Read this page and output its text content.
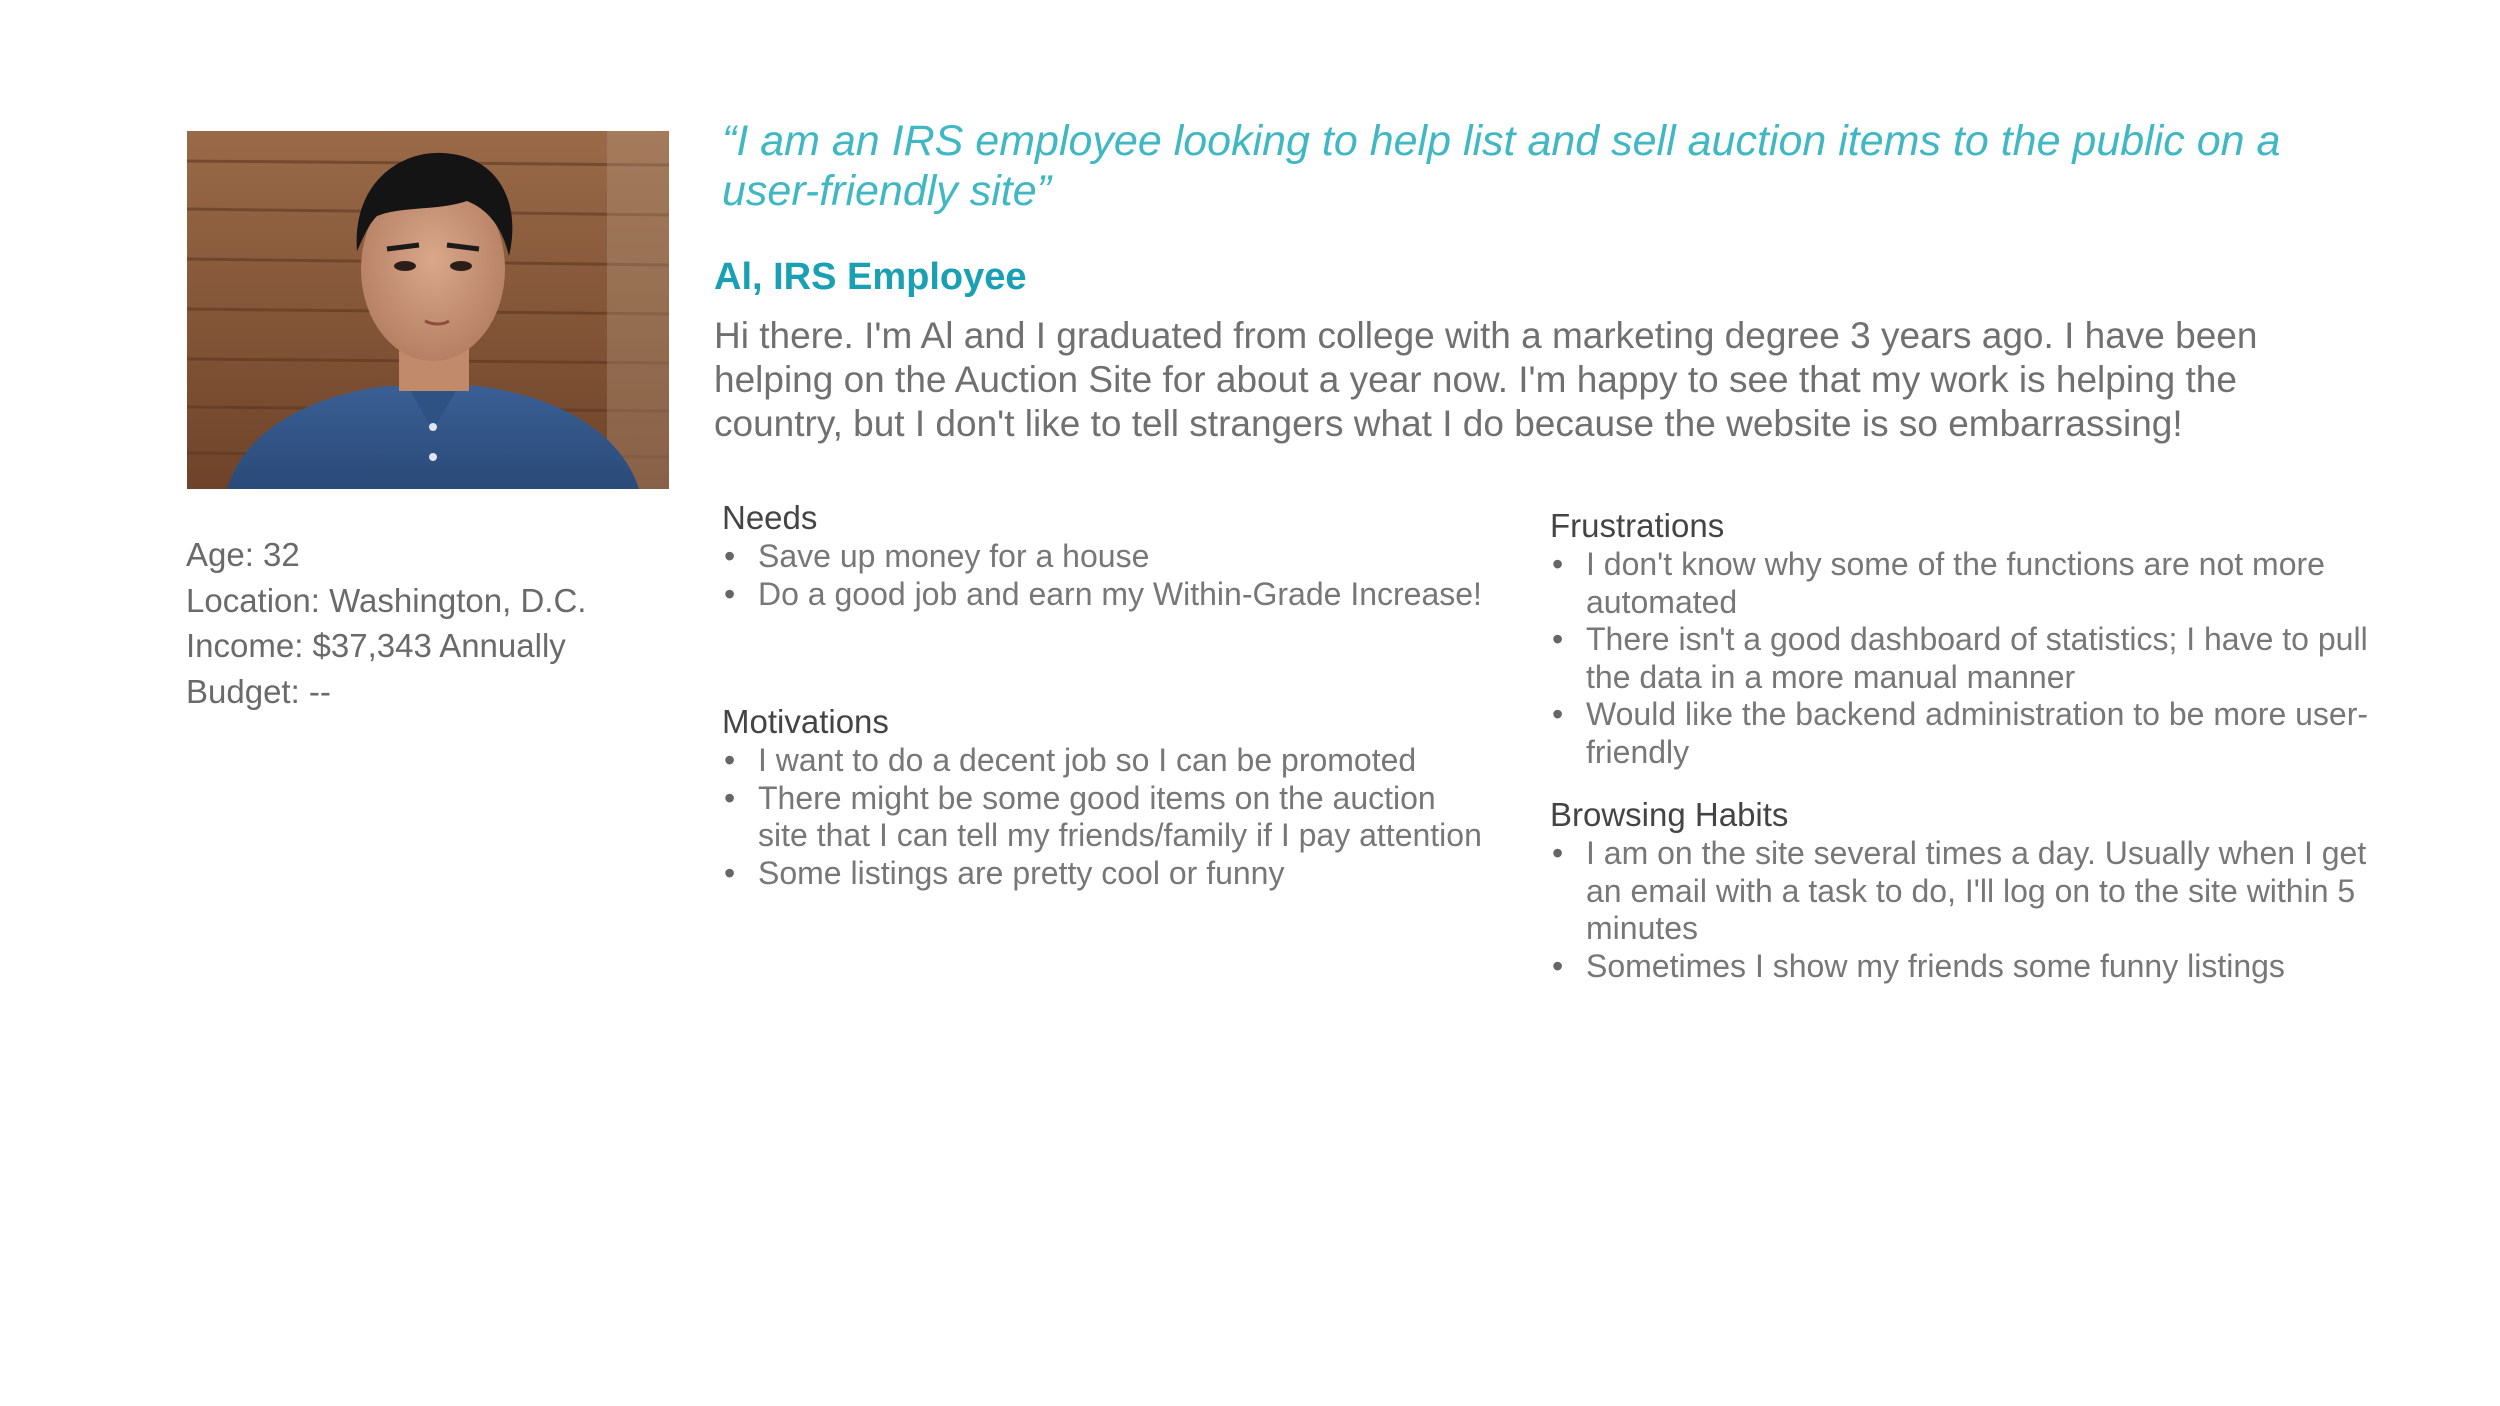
Age: 32
Location: Washington, D.C.
Income: $37,343 Annually
Budget: --
“I am an IRS employee looking to help list and sell auction items to the public on a user-friendly site”
Al, IRS Employee
Hi there. I'm Al and I graduated from college with a marketing degree 3 years ago. I have been helping on the Auction Site for about a year now. I'm happy to see that my work is helping the country, but I don't like to tell strangers what I do because the website is so embarrassing!
Needs
• Save up money for a house
• Do a good job and earn my Within-Grade Increase!
Motivations
• I want to do a decent job so I can be promoted
• There might be some good items on the auction site that I can tell my friends/family if I pay attention
• Some listings are pretty cool or funny
Frustrations
• I don't know why some of the functions are not more automated
• There isn't a good dashboard of statistics; I have to pull the data in a more manual manner
• Would like the backend administration to be more user-friendly
Browsing Habits
• I am on the site several times a day. Usually when I get an email with a task to do, I'll log on to the site within 5 minutes
• Sometimes I show my friends some funny listings
